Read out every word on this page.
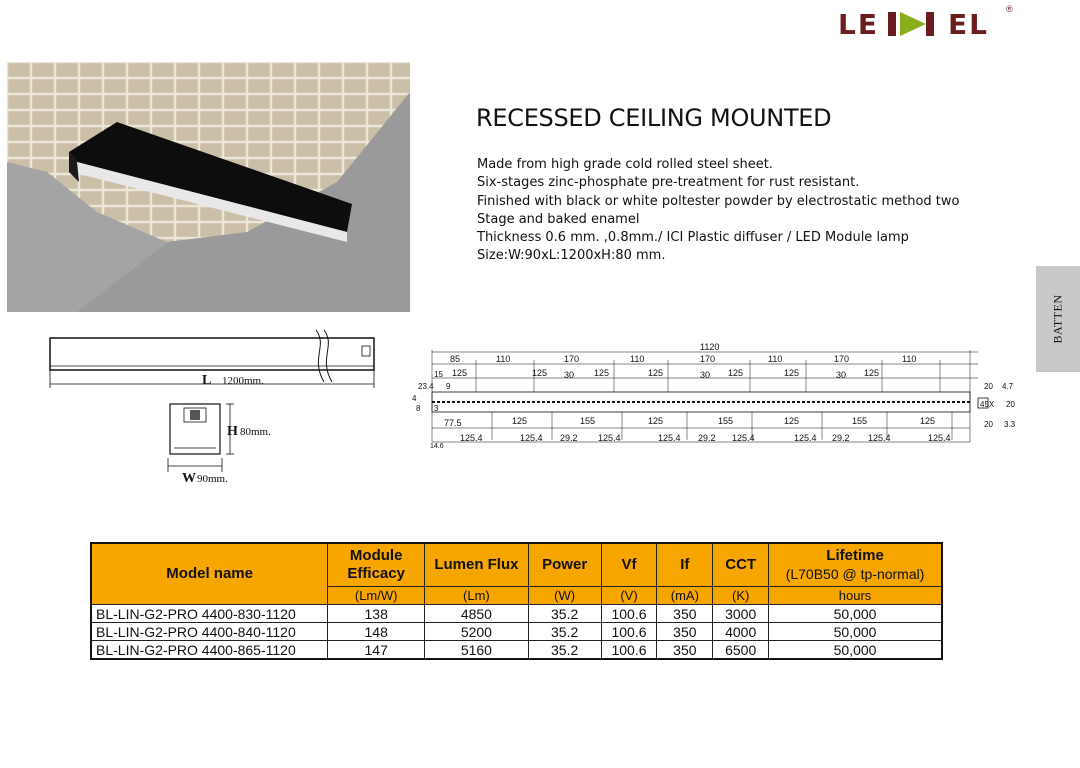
LE EL ®
RECESSED CEILING MOUNTED
Made from high grade cold rolled steel sheet.
Six-stages zinc-phosphate pre-treatment for rust resistant.
Finished with black or white poltester powder by electrostatic method two
Stage and baked enamel
Thickness 0.6 mm. ,0.8mm./ ICI Plastic diffuser / LED Module lamp
Size:W:90xL:1200xH:80 mm.
BATTEN
L 1200mm.
H 80mm.
W 90mm.
1120
85	110	170	110	170	110	170	110
125	125 30 125	125	30 125	125	30 125
77.5	125	155	125	155	125	155	125
125.4	125.4 29.2 125.4	125.4 29.2 125.4	125.4 29.2 125.4	125.4
15
23.4 9
4
8 3
14.6
20 4.7
45X 20
20 3.3
Model name	Module Efficacy	Lumen Flux	Power	Vf	If	CCT	Lifetime
(L70B50 @ tp-normal)

	(Lm/W)	(Lm)	(W)	(V)	(mA)	(K)	hours
BL-LIN-G2-PRO 4400-830-1120	138	4850	35.2	100.6	350	3000	50,000
BL-LIN-G2-PRO 4400-840-1120	148	5200	35.2	100.6	350	4000	50,000
BL-LIN-G2-PRO 4400-865-1120	147	5160	35.2	100.6	350	6500	50,000
